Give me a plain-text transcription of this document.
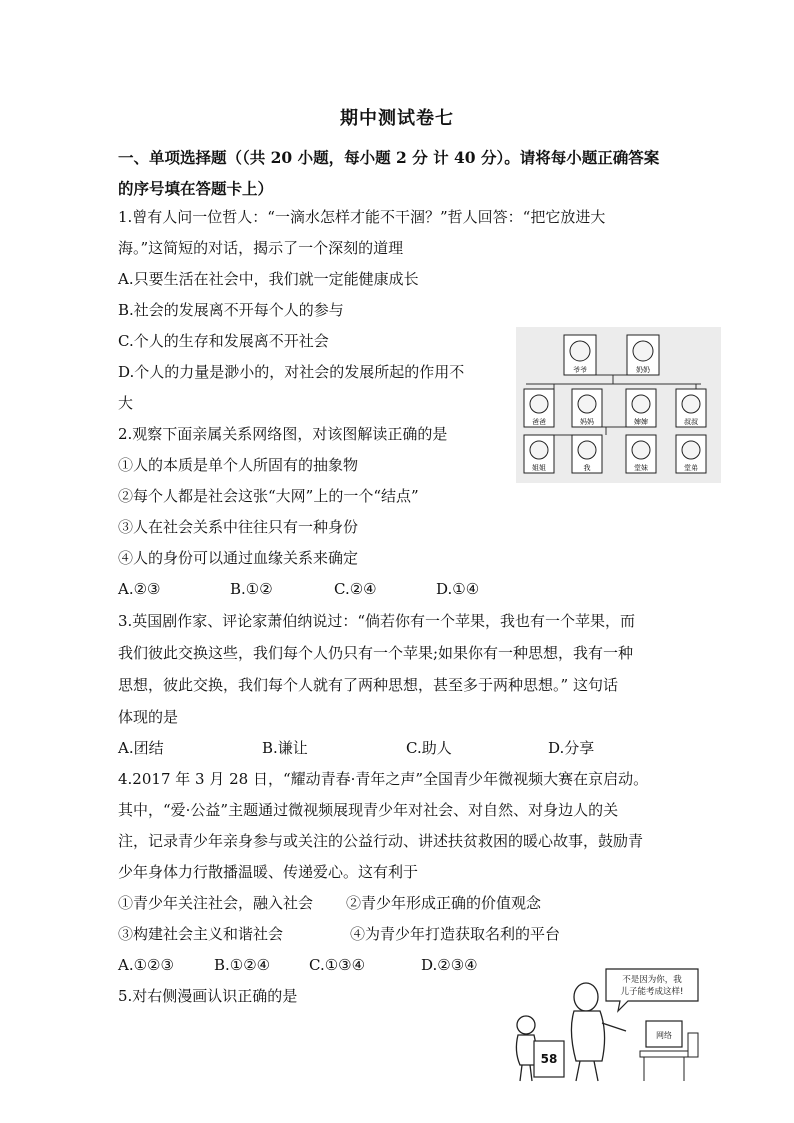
期中测试卷七
一、单项选择题（（共 20 小题，每小题 2 分 计 40 分）。请将每小题正确答案
的序号填在答题卡上）
1.曾有人问一位哲人：“一滴水怎样才能不干涸？”哲人回答：“把它放进大
海。”这简短的对话，揭示了一个深刻的道理
A.只要生活在社会中，我们就一定能健康成长
B.社会的发展离不开每个人的参与
C.个人的生存和发展离不开社会
D.个人的力量是渺小的，对社会的发展所起的作用不
大
2.观察下面亲属关系网络图，对该图解读正确的是
①人的本质是单个人所固有的抽象物
②每个人都是社会这张“大网”上的一个“结点”
③人在社会关系中往往只有一种身份
④人的身份可以通过血缘关系来确定
A.②③	B.①②	C.②④	D.①④
爷爷	奶奶
爸爸	妈妈	婶婶	叔叔
姐姐	我	堂妹	堂弟
3.英国剧作家、评论家萧伯纳说过：“倘若你有一个苹果，我也有一个苹果，而
我们彼此交换这些，我们每个人仍只有一个苹果;如果你有一种思想，我有一种
思想，彼此交换，我们每个人就有了两种思想，甚至多于两种思想。” 这句话
体现的是
A.团结	B.谦让	C.助人	D.分享
4.2017 年 3 月 28 日，“耀动青春·青年之声”全国青少年微视频大赛在京启动。
其中，“爱·公益”主题通过微视频展现青少年对社会、对自然、对身边人的关
注，记录青少年亲身参与或关注的公益行动、讲述扶贫救困的暖心故事，鼓励青
少年身体力行散播温暖、传递爱心。这有利于
①青少年关注社会，融入社会 ②青少年形成正确的价值观念
③构建社会主义和谐社会	④为青少年打造获取名利的平台
A.①②③	B.①②④	C.①③④	D.②③④
5.对右侧漫画认识正确的是
不是因为你，我
儿子能考成这样!
58
网络
